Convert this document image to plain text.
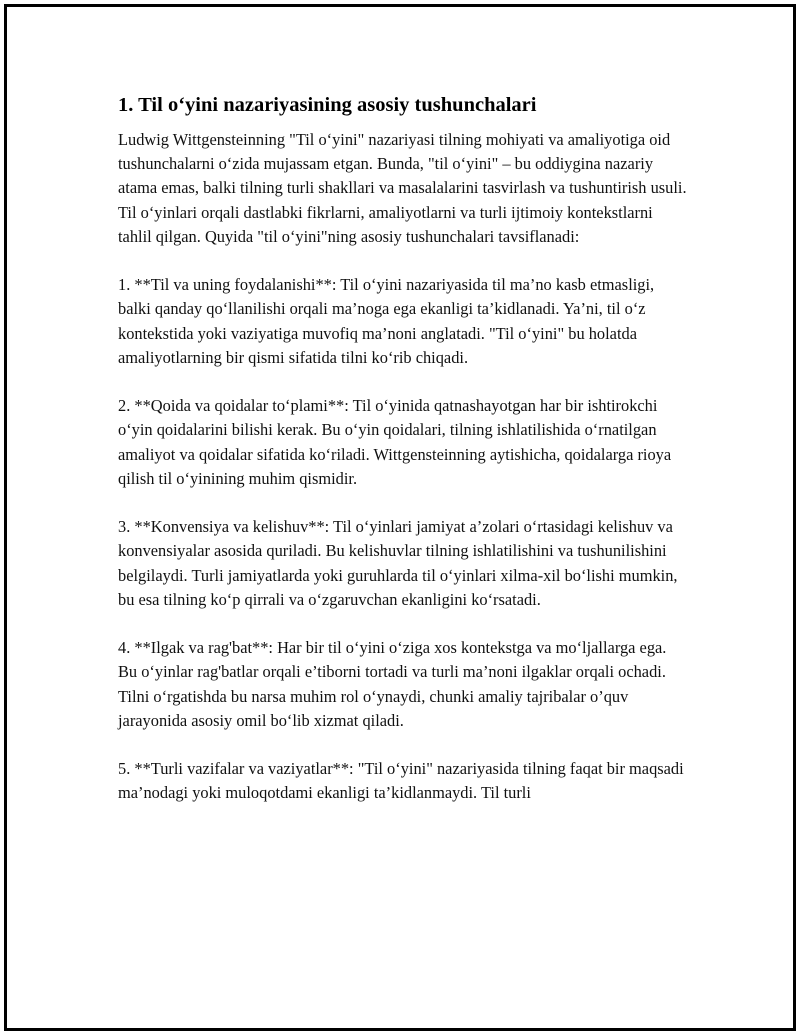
1. Til o‘yini nazariyasining asosiy tushunchalari

Ludwig Wittgensteinning "Til o‘yini" nazariyasi tilning mohiyati va amaliyotiga oid tushunchalarni o‘zida mujassam etgan. Bunda, "til o‘yini" – bu oddiygina nazariy atama emas, balki tilning turli shakllari va masalalarini tasvirlash va tushuntirish usuli. Til o‘yinlari orqali dastlabki fikrlarni, amaliyotlarni va turli ijtimoiy kontekstlarni tahlil qilgan. Quyida "til o‘yini"ning asosiy tushunchalari tavsiflanadi:

1. **Til va uning foydalanishi**: Til o‘yini nazariyasida til ma’no kasb etmasligi, balki qanday qo‘llanilishi orqali ma’noga ega ekanligi ta’kidlanadi. Ya’ni, til o‘z kontekstida yoki vaziyatiga muvofiq ma’noni anglatadi. "Til o‘yini" bu holatda amaliyotlarning bir qismi sifatida tilni ko‘rib chiqadi.

2. **Qoida va qoidalar to‘plami**: Til o‘yinida qatnashayotgan har bir ishtirokchi o‘yin qoidalarini bilishi kerak. Bu o‘yin qoidalari, tilning ishlatilishida o‘rnatilgan amaliyot va qoidalar sifatida ko‘riladi. Wittgensteinning aytishicha, qoidalarga rioya qilish til o‘yinining muhim qismidir.

3. **Konvensiya va kelishuv**: Til o‘yinlari jamiyat a’zolari o‘rtasidagi kelishuv va konvensiyalar asosida quriladi. Bu kelishuvlar tilning ishlatilishini va tushunilishini belgilaydi. Turli jamiyatlarda yoki guruhlarda til o‘yinlari xilma-xil bo‘lishi mumkin, bu esa tilning ko‘p qirrali va o‘zgaruvchan ekanligini ko‘rsatadi.

4. **Ilgak va rag'bat**: Har bir til o‘yini o‘ziga xos kontekstga va mo‘ljallarga ega. Bu o‘yinlar rag'batlar orqali e’tiborni tortadi va turli ma’noni ilgaklar orqali ochadi. Tilni o‘rgatishda bu narsa muhim rol o‘ynaydi, chunki amaliy tajribalar o’quv jarayonida asosiy omil bo‘lib xizmat qiladi.

5. **Turli vazifalar va vaziyatlar**: "Til o‘yini" nazariyasida tilning faqat bir maqsadi ma’nodagi yoki muloqotdami ekanligi ta’kidlanmaydi. Til turli
